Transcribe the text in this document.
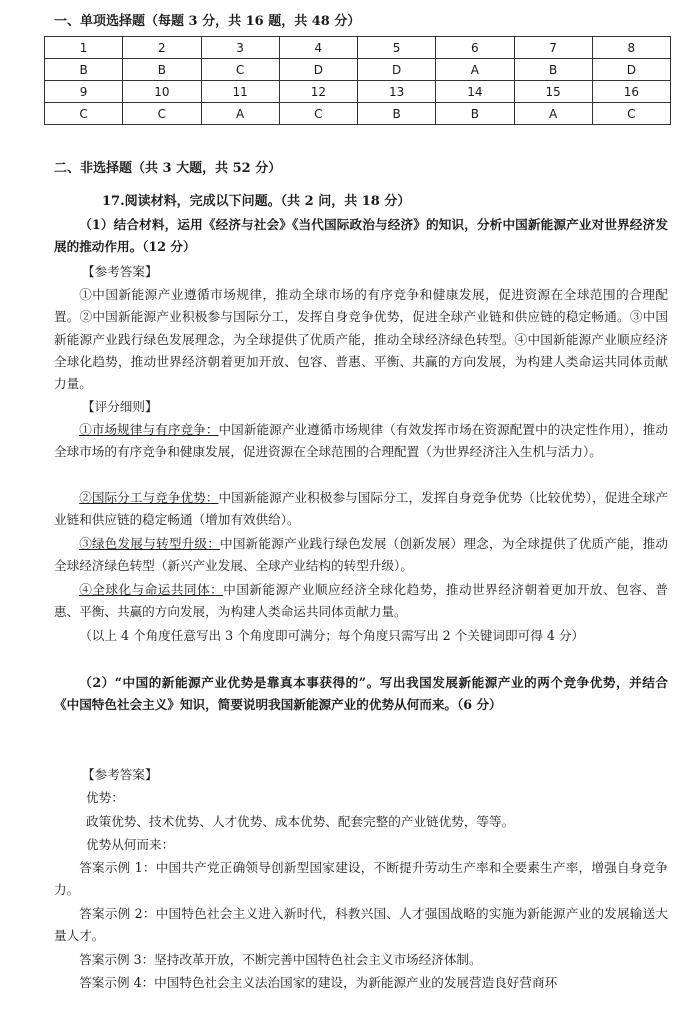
一、单项选择题（每题 3 分，共 16 题，共 48 分）
1	2	3	4	5	6	7	8
B	B	C	D	D	A	B	D
9	10	11	12	13	14	15	16
C	C	A	C	B	B	A	C
二、非选择题（共 3 大题，共 52 分）
17.阅读材料，完成以下问题。（共 2 问，共 18 分）

（1）结合材料，运用《经济与社会》《当代国际政治与经济》的知识，分析中国新能源产业对世界经济发展的推动作用。（12 分）

【参考答案】

①中国新能源产业遵循市场规律，推动全球市场的有序竞争和健康发展，促进资源在全球范围的合理配置。②中国新能源产业积极参与国际分工，发挥自身竞争优势，促进全球产业链和供应链的稳定畅通。③中国新能源产业践行绿色发展理念，为全球提供了优质产能，推动全球经济绿色转型。④中国新能源产业顺应经济全球化趋势，推动世界经济朝着更加开放、包容、普惠、平衡、共赢的方向发展，为构建人类命运共同体贡献力量。

【评分细则】

①市场规律与有序竞争：中国新能源产业遵循市场规律（有效发挥市场在资源配置中的决定性作用），推动全球市场的有序竞争和健康发展，促进资源在全球范围的合理配置（为世界经济注入生机与活力）。

②国际分工与竞争优势：中国新能源产业积极参与国际分工，发挥自身竞争优势（比较优势），促进全球产业链和供应链的稳定畅通（增加有效供给）。

③绿色发展与转型升级：中国新能源产业践行绿色发展（创新发展）理念，为全球提供了优质产能，推动全球经济绿色转型（新兴产业发展、全球产业结构的转型升级）。

④全球化与命运共同体：中国新能源产业顺应经济全球化趋势，推动世界经济朝着更加开放、包容、普惠、平衡、共赢的方向发展，为构建人类命运共同体贡献力量。

（以上 4 个角度任意写出 3 个角度即可满分；每个角度只需写出 2 个关键词即可得 4 分）

（2）“中国的新能源产业优势是靠真本事获得的”。写出我国发展新能源产业的两个竞争优势，并结合《中国特色社会主义》知识，简要说明我国新能源产业的优势从何而来。（6 分）

【参考答案】
优势：
政策优势、技术优势、人才优势、成本优势、配套完整的产业链优势，等等。
优势从何而来：

答案示例 1：中国共产党正确领导创新型国家建设，不断提升劳动生产率和全要素生产率，增强自身竞争力。

答案示例 2：中国特色社会主义进入新时代，科教兴国、人才强国战略的实施为新能源产业的发展输送大量人才。

答案示例 3：坚持改革开放，不断完善中国特色社会主义市场经济体制。

答案示例 4：中国特色社会主义法治国家的建设，为新能源产业的发展营造良好营商环
